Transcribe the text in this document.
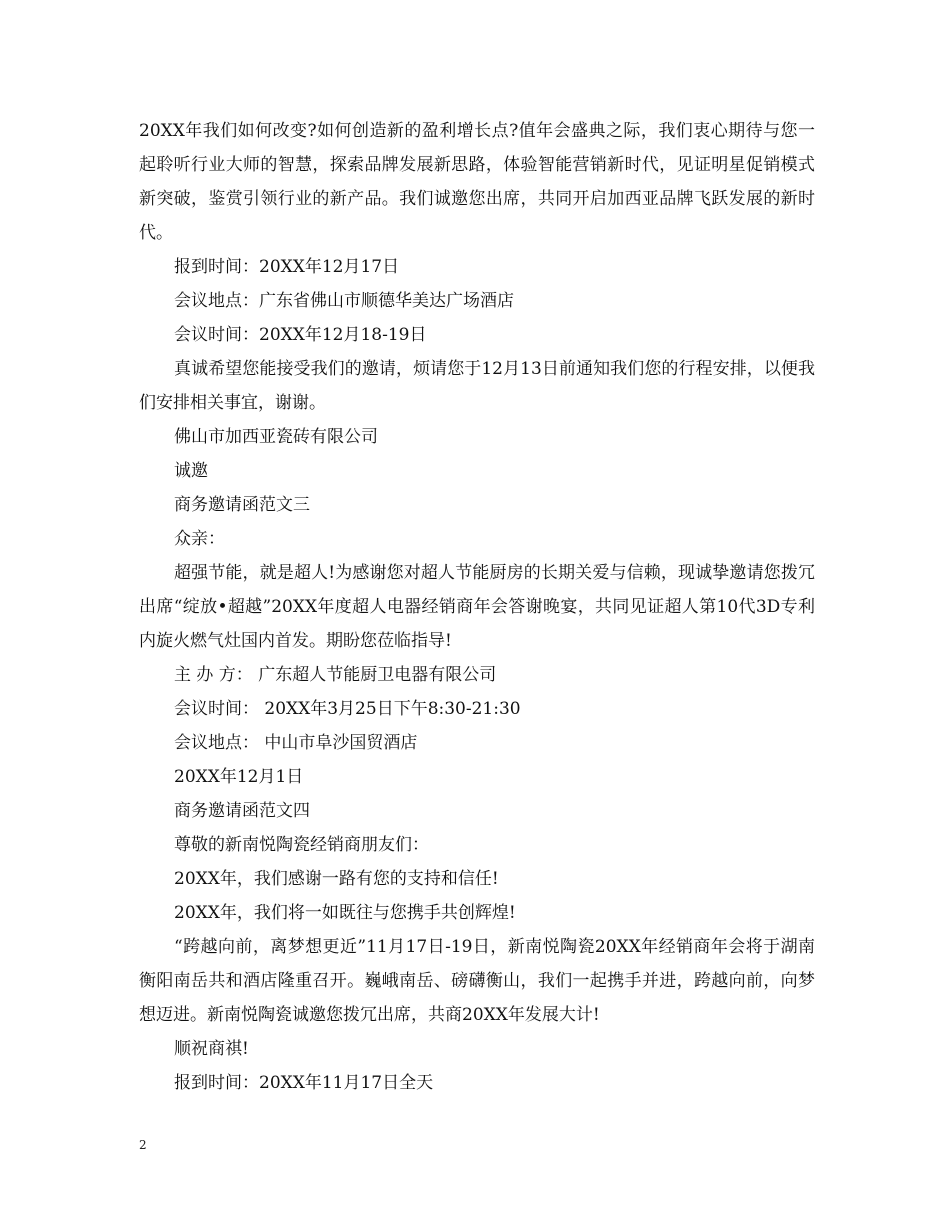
20XX年我们如何改变?如何创造新的盈利增长点?值年会盛典之际，我们衷心期待与您一起聆听行业大师的智慧，探索品牌发展新思路，体验智能营销新时代，见证明星促销模式新突破，鉴赏引领行业的新产品。我们诚邀您出席，共同开启加西亚品牌飞跃发展的新时代。

报到时间：20XX年12月17日

会议地点：广东省佛山市顺德华美达广场酒店

会议时间：20XX年12月18-19日

真诚希望您能接受我们的邀请，烦请您于12月13日前通知我们您的行程安排，以便我们安排相关事宜，谢谢。

佛山市加西亚瓷砖有限公司

诚邀

商务邀请函范文三

众亲：

超强节能，就是超人!为感谢您对超人节能厨房的长期关爱与信赖，现诚挚邀请您拨冗出席“绽放•超越”20XX年度超人电器经销商年会答谢晚宴，共同见证超人第10代3D专利内旋火燃气灶国内首发。期盼您莅临指导!

主 办 方： 广东超人节能厨卫电器有限公司

会议时间： 20XX年3月25日下午8:30-21:30

会议地点： 中山市阜沙国贸酒店

20XX年12月1日

商务邀请函范文四

尊敬的新南悦陶瓷经销商朋友们：

20XX年，我们感谢一路有您的支持和信任!

20XX年，我们将一如既往与您携手共创辉煌!

“跨越向前，离梦想更近”11月17日-19日，新南悦陶瓷20XX年经销商年会将于湖南衡阳南岳共和酒店隆重召开。巍峨南岳、磅礴衡山，我们一起携手并进，跨越向前，向梦想迈进。新南悦陶瓷诚邀您拨冗出席，共商20XX年发展大计!

顺祝商祺!

报到时间：20XX年11月17日全天

2
